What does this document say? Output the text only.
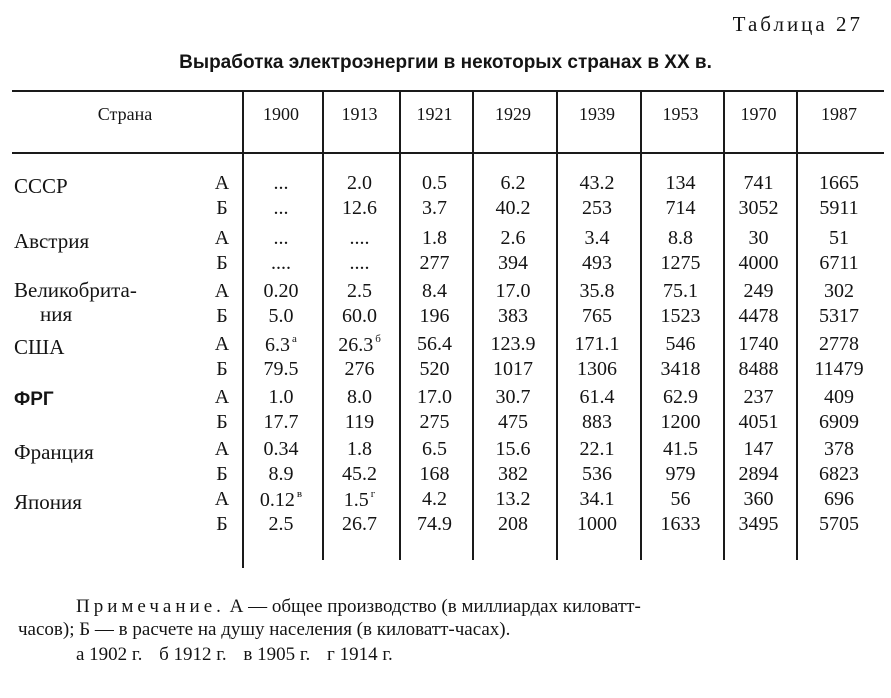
Таблица 27
Выработка электроэнергии в некоторых странах в XX в.
Страна	1900	1913	1921	1929	1939	1953	1970	1987
СССР	А	...	2.0	0.5	6.2	43.2	134	741	1665
Б	...	12.6	3.7	40.2	253	714	3052	5911
Австрия	А	...	....	1.8	2.6	3.4	8.8	30	51
Б	....	....	277	394	493	1275	4000	6711
Великобрита-
ния
А	0.20	2.5	8.4	17.0	35.8	75.1	249	302
Б	5.0	60.0	196	383	765	1523	4478	5317
США	А	6.3 $^а$	26.3 $^б$	56.4	123.9	171.1	546	1740	2778
Б	79.5	276	520	1017	1306	3418	8488	11479
ФРГ	А	1.0	8.0	17.0	30.7	61.4	62.9	237	409
Б	17.7	119	275	475	883	1200	4051	6909
Франция	А	0.34	1.8	6.5	15.6	22.1	41.5	147	378
Б	8.9	45.2	168	382	536	979	2894	6823
Япония	А	0.12 $^в$	1.5 $^г$	4.2	13.2	34.1	56	360	696
Б	2.5	26.7	74.9	208	1000	1633	3495	5705
Примечание. А — общее производство (в миллиардах киловатт-
часов); Б — в расчете на душу населения (в киловатт-часах).
а 1902 г. б 1912 г. в 1905 г. г 1914 г.
